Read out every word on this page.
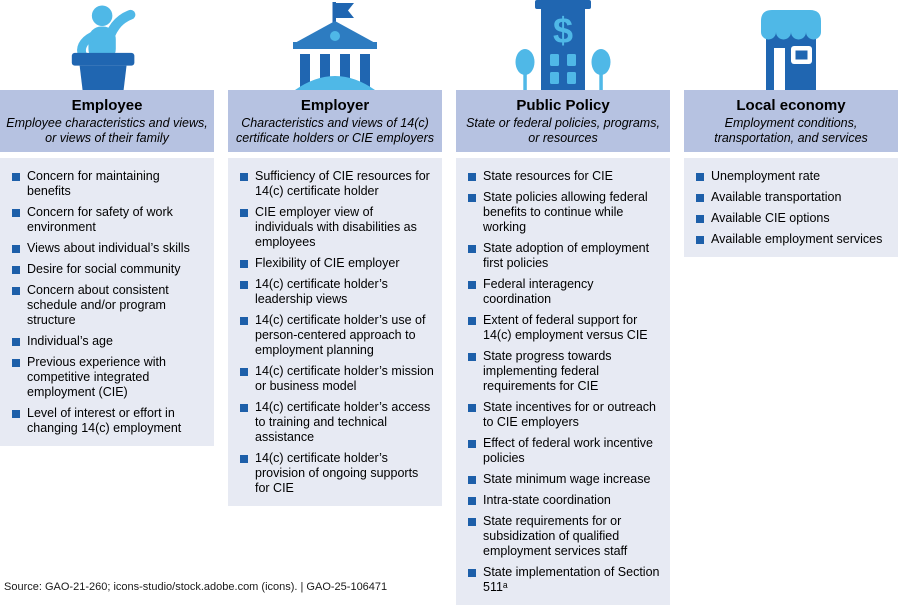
Employee
Employee characteristics and views, or views of their family
Concern for maintaining benefits
Concern for safety of work environment
Views about individual’s skills
Desire for social community
Concern about consistent schedule and/or program structure
Individual’s age
Previous experience with competitive integrated employment (CIE)
Level of interest or effort in changing 14(c) employment
Employer
Characteristics and views of 14(c) certificate holders or CIE employers
Sufficiency of CIE resources for 14(c) certificate holder
CIE employer view of individuals with disabilities as employees
Flexibility of CIE employer
14(c) certificate holder’s leadership views
14(c) certificate holder’s use of person-centered approach to employment planning
14(c) certificate holder’s mission or business model
14(c) certificate holder’s access to training and technical assistance
14(c) certificate holder’s provision of ongoing supports for CIE
$
Public Policy
State or federal policies, programs, or resources
State resources for CIE
State policies allowing federal benefits to continue while working
State adoption of employment first policies
Federal interagency coordination
Extent of federal support for 14(c) employment versus CIE
State progress towards implementing federal requirements for CIE
State incentives for or outreach to CIE employers
Effect of federal work incentive policies
State minimum wage increase
Intra-state coordination
State requirements for or subsidization of qualified employment services staff
State implementation of Section 511ᵃ
Local economy
Employment conditions, transportation, and services
Unemployment rate
Available transportation
Available CIE options
Available employment services
Source: GAO-21-260; icons-studio/stock.adobe.com (icons). | GAO-25-106471
